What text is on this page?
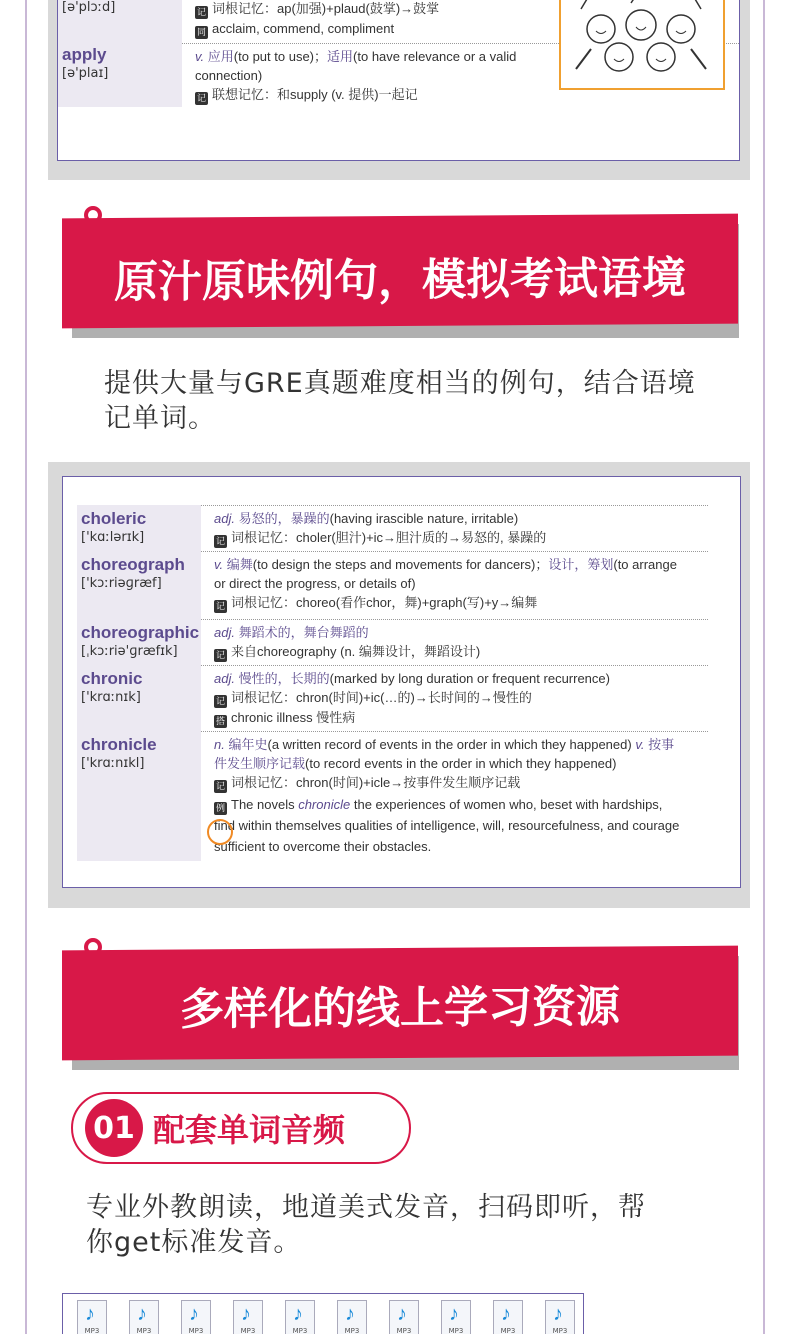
[ə'plɔːd]	记 词根记忆：ap(加强)+plaud(鼓掌)→鼓掌
同 acclaim, commend, compliment
apply
[ə'plaɪ]
v. 应用(to put to use)；适用(to have relevance or a valid connection)
记 联想记忆：和supply (v. 提供)一起记
原汁原味例句，模拟考试语境
提供大量与GRE真题难度相当的例句，结合语境
记单词。
choleric
['kɑːlərɪk]
adj. 易怒的，暴躁的(having irascible nature, irritable)
记 词根记忆：choler(胆汁)+ic→胆汁质的→易怒的, 暴躁的
choreograph
['kɔːriəɡræf]
v. 编舞(to design the steps and movements for dancers)；设计，筹划(to arrange
or direct the progress, or details of)
记 词根记忆：choreo(看作chor，舞)+graph(写)+y→编舞
choreographic
[ˌkɔːriə'ɡræfɪk]
adj. 舞蹈术的，舞台舞蹈的
记 来自choreography (n. 编舞设计，舞蹈设计)
chronic
['krɑːnɪk]
adj. 慢性的，长期的(marked by long duration or frequent recurrence)
记 词根记忆：chron(时间)+ic(…的)→长时间的→慢性的
搭 chronic illness 慢性病
chronicle
['krɑːnɪkl]
n. 编年史(a written record of events in the order in which they happened) v. 按事
件发生顺序记载(to record events in the order in which they happened)
记 词根记忆：chron(时间)+icle→按事件发生顺序记载
例 The novels chronicle the experiences of women who, beset with hardships,
find within themselves qualities of intelligence, will, resourcefulness, and courage
sufficient to overcome their obstacles.
多样化的线上学习资源
01 配套单词音频
专业外教朗读，地道美式发音，扫码即听，帮
你get标准发音。
♪
MP3
♪
MP3
♪
MP3
♪
MP3
♪
MP3
♪
MP3
♪
MP3
♪
MP3
♪
MP3
♪
MP3
